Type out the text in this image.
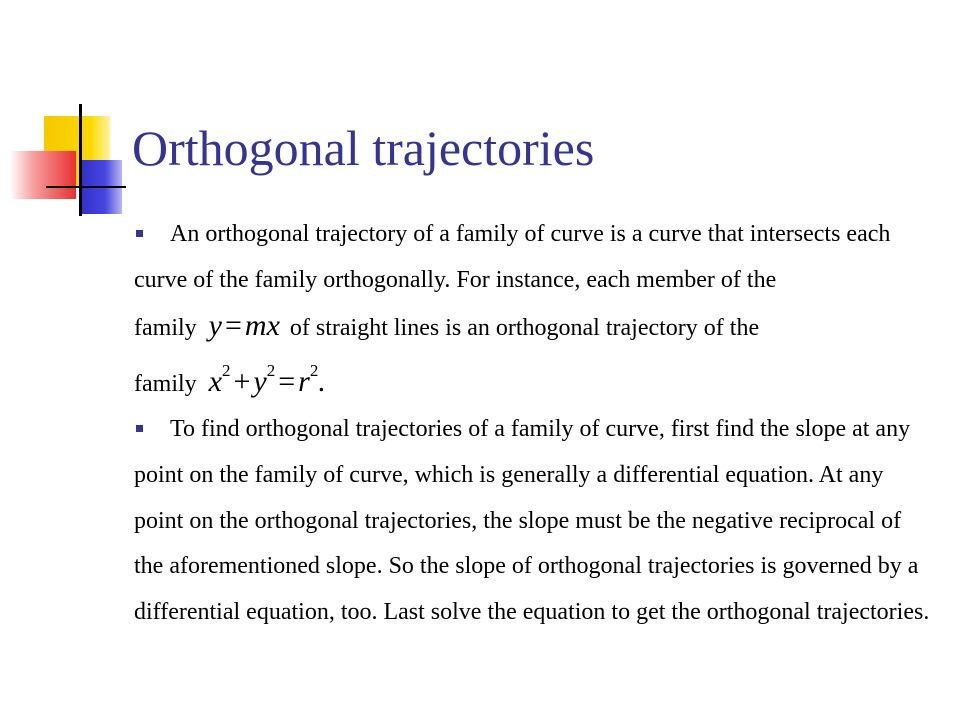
Orthogonal trajectories

An orthogonal trajectory of a family of curve is a curve that intersects each curve of the family orthogonally. For instance, each member of the family y = mx of straight lines is an orthogonal trajectory of the family $x^2 + y^2 = r^2$.

To find orthogonal trajectories of a family of curve, first find the slope at any point on the family of curve, which is generally a differential equation. At any point on the orthogonal trajectories, the slope must be the negative reciprocal of the aforementioned slope. So the slope of orthogonal trajectories is governed by a differential equation, too. Last solve the equation to get the orthogonal trajectories.
